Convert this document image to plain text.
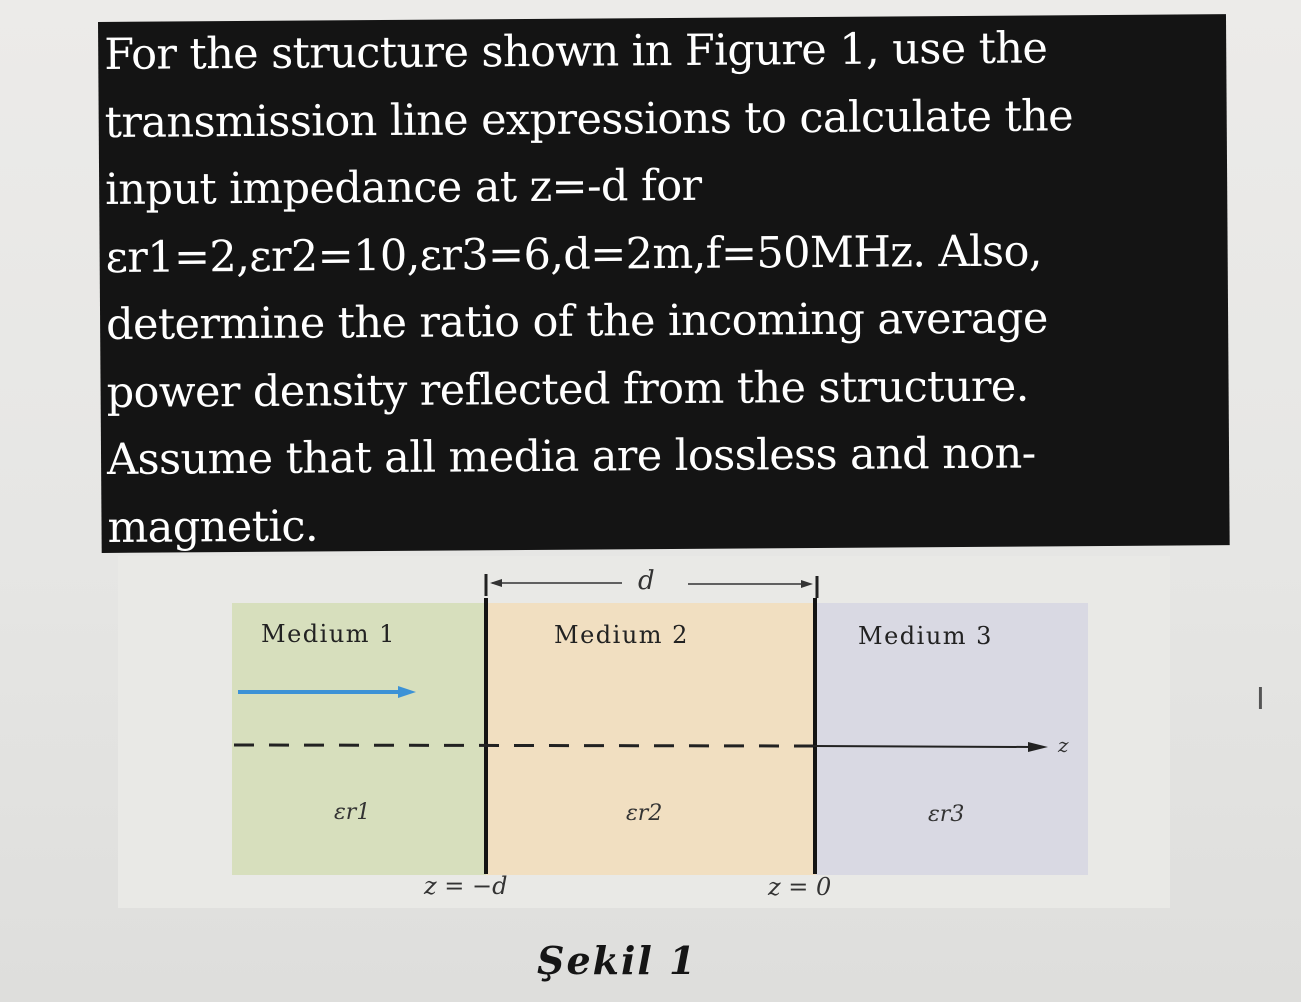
For the structure shown in Figure 1, use the
transmission line expressions to calculate the
input impedance at z=-d for
εr1=2,εr2=10,εr3=6,d=2m,f=50MHz. Also,
determine the ratio of the incoming average
power density reflected from the structure.
Assume that all media are lossless and non-
magnetic.

d
Medium 1	Medium 2	Medium 3
εr1	εr2	εr3
z
z = −d	z = 0
Şekil 1
Ⅰ
